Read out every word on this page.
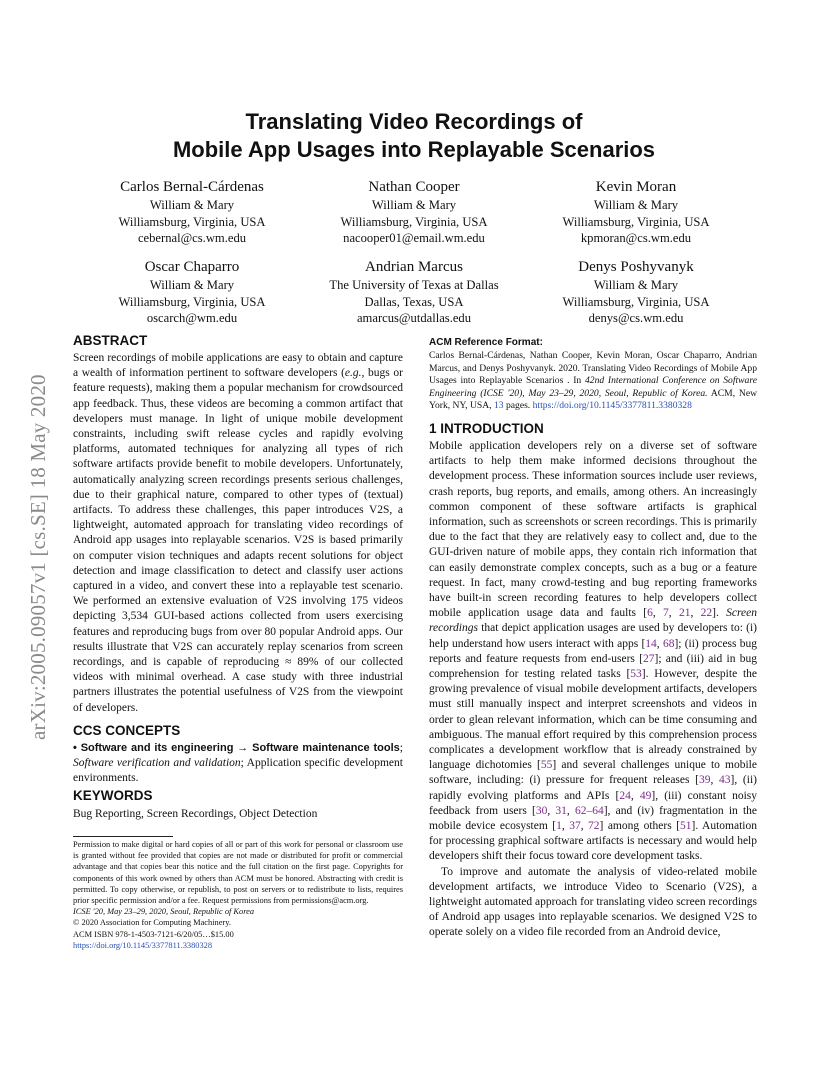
arXiv:2005.09057v1 [cs.SE] 18 May 2020
Translating Video Recordings of
Mobile App Usages into Replayable Scenarios
Carlos Bernal-Cárdenas
William & Mary
Williamsburg, Virginia, USA
cebernal@cs.wm.edu
Nathan Cooper
William & Mary
Williamsburg, Virginia, USA
nacooper01@email.wm.edu
Kevin Moran
William & Mary
Williamsburg, Virginia, USA
kpmoran@cs.wm.edu
Oscar Chaparro
William & Mary
Williamsburg, Virginia, USA
oscarch@wm.edu
Andrian Marcus
The University of Texas at Dallas
Dallas, Texas, USA
amarcus@utdallas.edu
Denys Poshyvanyk
William & Mary
Williamsburg, Virginia, USA
denys@cs.wm.edu
ABSTRACT

Screen recordings of mobile applications are easy to obtain and capture a wealth of information pertinent to software developers (e.g., bugs or feature requests), making them a popular mechanism for crowdsourced app feedback. Thus, these videos are becoming a common artifact that developers must manage. In light of unique mobile development constraints, including swift release cycles and rapidly evolving platforms, automated techniques for analyzing all types of rich software artifacts provide benefit to mobile developers. Unfortunately, automatically analyzing screen recordings presents serious challenges, due to their graphical nature, compared to other types of (textual) artifacts. To address these challenges, this paper introduces V2S, a lightweight, automated approach for translating video recordings of Android app usages into replayable scenarios. V2S is based primarily on computer vision techniques and adapts recent solutions for object detection and image classification to detect and classify user actions captured in a video, and convert these into a replayable test scenario. We performed an extensive evaluation of V2S involving 175 videos depicting 3,534 GUI-based actions collected from users exercising features and reproducing bugs from over 80 popular Android apps. Our results illustrate that V2S can accurately replay scenarios from screen recordings, and is capable of reproducing ≈ 89% of our collected videos with minimal overhead. A case study with three industrial partners illustrates the potential usefulness of V2S from the viewpoint of developers.

CCS CONCEPTS

• Software and its engineering → Software maintenance tools; Software verification and validation; Application specific development environments.

KEYWORDS

Bug Reporting, Screen Recordings, Object Detection

Permission to make digital or hard copies of all or part of this work for personal or classroom use is granted without fee provided that copies are not made or distributed for profit or commercial advantage and that copies bear this notice and the full citation on the first page. Copyrights for components of this work owned by others than ACM must be honored. Abstracting with credit is permitted. To copy otherwise, or republish, to post on servers or to redistribute to lists, requires prior specific permission and/or a fee. Request permissions from permissions@acm.org.
ICSE '20, May 23–29, 2020, Seoul, Republic of Korea
© 2020 Association for Computing Machinery.
ACM ISBN 978-1-4503-7121-6/20/05…$15.00
https://doi.org/10.1145/3377811.3380328
ACM Reference Format:

Carlos Bernal-Cárdenas, Nathan Cooper, Kevin Moran, Oscar Chaparro, Andrian Marcus, and Denys Poshyvanyk. 2020. Translating Video Recordings of Mobile App Usages into Replayable Scenarios . In 42nd International Conference on Software Engineering (ICSE '20), May 23–29, 2020, Seoul, Republic of Korea. ACM, New York, NY, USA, 13 pages. https://doi.org/10.1145/3377811.3380328

1 INTRODUCTION

Mobile application developers rely on a diverse set of software artifacts to help them make informed decisions throughout the development process. These information sources include user reviews, crash reports, bug reports, and emails, among others. An increasingly common component of these software artifacts is graphical information, such as screenshots or screen recordings. This is primarily due to the fact that they are relatively easy to collect and, due to the GUI-driven nature of mobile apps, they contain rich information that can easily demonstrate complex concepts, such as a bug or a feature request. In fact, many crowd-testing and bug reporting frameworks have built-in screen recording features to help developers collect mobile application usage data and faults [6, 7, 21, 22]. Screen recordings that depict application usages are used by developers to: (i) help understand how users interact with apps [14, 68]; (ii) process bug reports and feature requests from end-users [27]; and (iii) aid in bug comprehension for testing related tasks [53]. However, despite the growing prevalence of visual mobile development artifacts, developers must still manually inspect and interpret screenshots and videos in order to glean relevant information, which can be time consuming and ambiguous. The manual effort required by this comprehension process complicates a development workflow that is already constrained by language dichotomies [55] and several challenges unique to mobile software, including: (i) pressure for frequent releases [39, 43], (ii) rapidly evolving platforms and APIs [24, 49], (iii) constant noisy feedback from users [30, 31, 62–64], and (iv) fragmentation in the mobile device ecosystem [1, 37, 72] among others [51]. Automation for processing graphical software artifacts is necessary and would help developers shift their focus toward core development tasks.

To improve and automate the analysis of video-related mobile development artifacts, we introduce Video to Scenario (V2S), a lightweight automated approach for translating video screen recordings of Android app usages into replayable scenarios. We designed V2S to operate solely on a video file recorded from an Android device,
